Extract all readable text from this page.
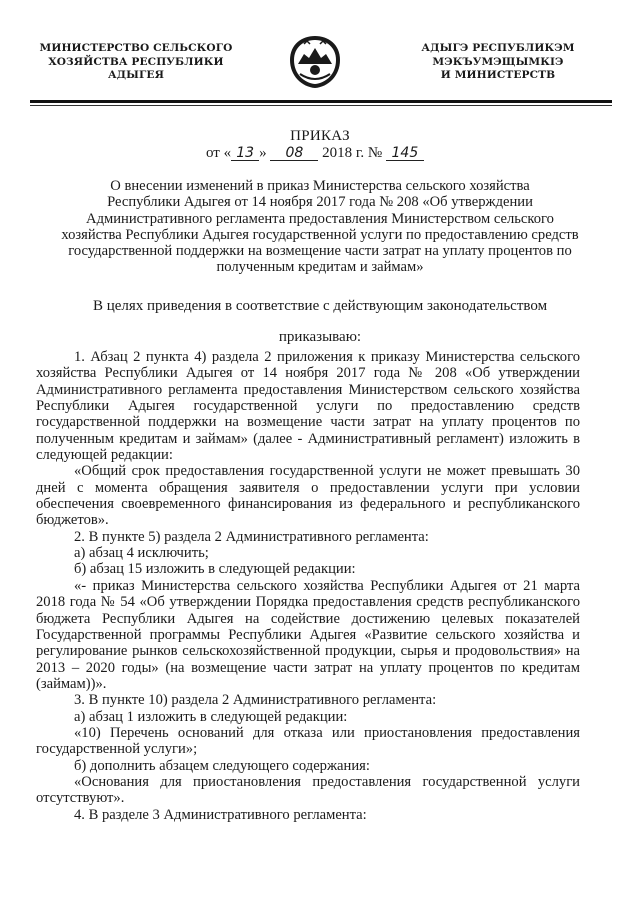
МИНИСТЕРСТВО СЕЛЬСКОГО
ХОЗЯЙСТВА РЕСПУБЛИКИ
АДЫГЕЯ
АДЫГЭ РЕСПУБЛИКЭМ
МЭКЪУМЭЩЫМКIЭ
И МИНИСТЕРСТВ
ПРИКАЗ
от « 13 » 08 2018 г. № 145
О внесении изменений в приказ Министерства сельского хозяйства
Республики Адыгея от 14 ноября 2017 года № 208 «Об утверждении
Административного регламента предоставления Министерством сельского
хозяйства Республики Адыгея государственной услуги по предоставлению средств
государственной поддержки на возмещение части затрат на уплату процентов по
полученным кредитам и займам»
В целях приведения в соответствие с действующим законодательством
приказываю:

1. Абзац 2 пункта 4) раздела 2 приложения к приказу Министерства сельского хозяйства Республики Адыгея от 14 ноября 2017 года № 208 «Об утверждении Административного регламента предоставления Министерством сельского хозяйства Республики Адыгея государственной услуги по предоставлению средств государственной поддержки на возмещение части затрат на уплату процентов по полученным кредитам и займам» (далее - Административный регламент) изложить в следующей редакции:

«Общий срок предоставления государственной услуги не может превышать 30 дней с момента обращения заявителя о предоставлении услуги при условии обеспечения своевременного финансирования из федерального и республиканского бюджетов».

2. В пункте 5) раздела 2 Административного регламента:

а) абзац 4 исключить;

б) абзац 15 изложить в следующей редакции:

«- приказ Министерства сельского хозяйства Республики Адыгея от 21 марта 2018 года № 54 «Об утверждении Порядка предоставления средств республиканского бюджета Республики Адыгея на содействие достижению целевых показателей Государственной программы Республики Адыгея «Развитие сельского хозяйства и регулирование рынков сельскохозяйственной продукции, сырья и продовольствия» на 2013 – 2020 годы» (на возмещение части затрат на уплату процентов по кредитам (займам))».

3. В пункте 10) раздела 2 Административного регламента:

а) абзац 1 изложить в следующей редакции:

«10) Перечень оснований для отказа или приостановления предоставления государственной услуги»;

б) дополнить абзацем следующего содержания:

«Основания для приостановления предоставления государственной услуги отсутствуют».

4. В разделе 3 Административного регламента:
